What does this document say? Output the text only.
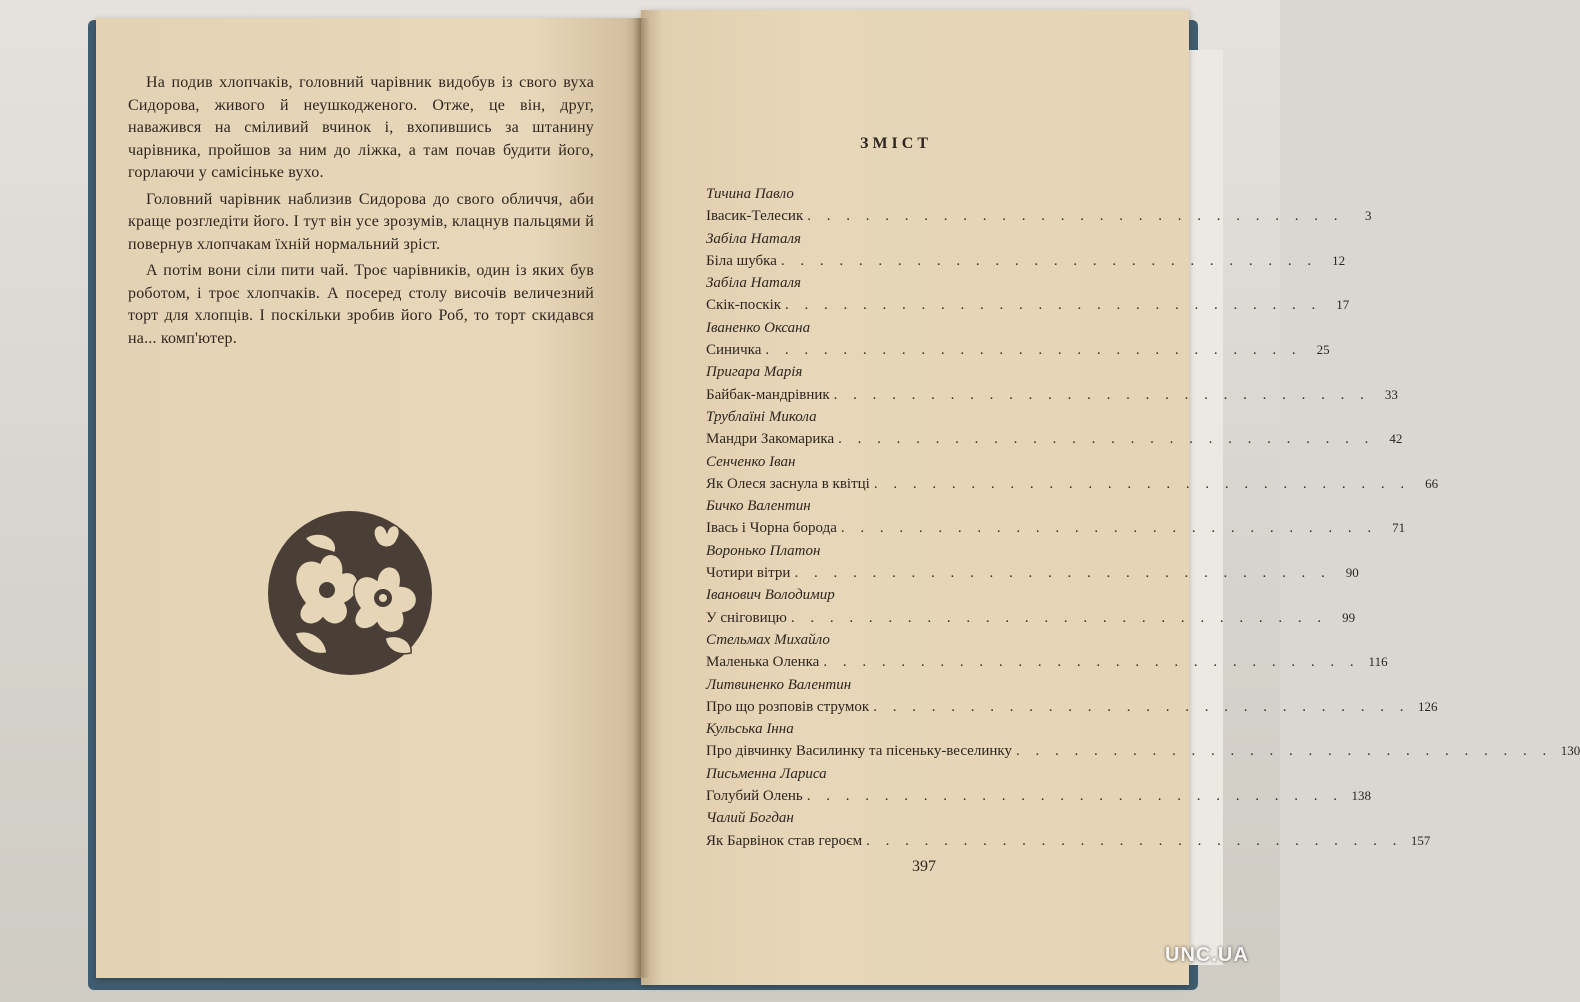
На подив хлопчаків, головний чарівник видобув із свого вуха Сидорова, живого й неушкодженого. Отже, це він, друг, наважився на сміливий вчинок і, вхопившись за штанину чарівника, пройшов за ним до ліжка, а там почав будити його, горлаючи у самісіньке вухо.

Головний чарівник наблизив Сидорова до свого обличчя, аби краще розгледіти його. І тут він усе зрозумів, клацнув пальцями й повернув хлопчакам їхній нормальний зріст.

А потім вони сіли пити чай. Троє чарівників, один із яких був роботом, і троє хлопчаків. А посеред столу височів величезний торт для хлопців. І поскільки зробив його Роб, то торт скидався на... комп'ютер.

ЗМІСТ
Тичина Павло
Івасик-Телесик . . . . . . . . . . . . . . . . . . . . . . . . . . . .	3
Забіла Наталя
Біла шубка . . . . . . . . . . . . . . . . . . . . . . . . . . . .	12
Забіла Наталя
Скік-поскік . . . . . . . . . . . . . . . . . . . . . . . . . . . .	17
Іваненко Оксана
Синичка . . . . . . . . . . . . . . . . . . . . . . . . . . . .	25
Пригара Марія
Байбак-мандрівник . . . . . . . . . . . . . . . . . . . . . . . . . . . .	33
Трублаїні Микола
Мандри Закомарика . . . . . . . . . . . . . . . . . . . . . . . . . . . .	42
Сенченко Іван
Як Олеся заснула в квітці . . . . . . . . . . . . . . . . . . . . . . . . . . . .	66
Бичко Валентин
Івась і Чорна борода . . . . . . . . . . . . . . . . . . . . . . . . . . . .	71
Воронько Платон
Чотири вітри . . . . . . . . . . . . . . . . . . . . . . . . . . . .	90
Іванович Володимир
У сніговицю . . . . . . . . . . . . . . . . . . . . . . . . . . . .	99
Стельмах Михайло
Маленька Оленка . . . . . . . . . . . . . . . . . . . . . . . . . . . . 116
Литвиненко Валентин
Про що розповів струмок . . . . . . . . . . . . . . . . . . . . . . . . . . . . 126
Кульська Інна
Про дівчинку Василинку та пісеньку-веселинку . . . . . . . . . . . . . . . . . . . . . . . . . . . . 130
Письменна Лариса
Голубий Олень . . . . . . . . . . . . . . . . . . . . . . . . . . . . 138
Чалий Богдан
Як Барвінок став героєм . . . . . . . . . . . . . . . . . . . . . . . . . . . . 157
397
UNC.UA
